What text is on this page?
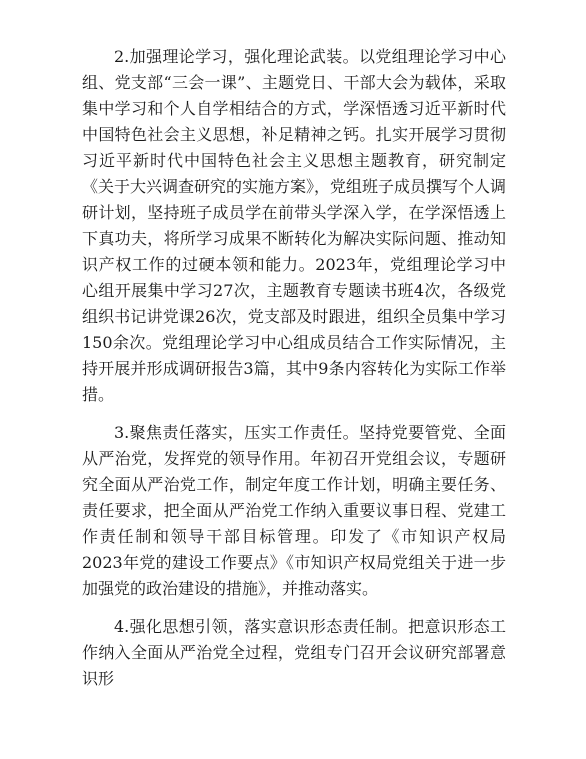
2.加强理论学习，强化理论武装。以党组理论学习中心组、党支部“三会一课”、主题党日、干部大会为载体，采取集中学习和个人自学相结合的方式，学深悟透习近平新时代中国特色社会主义思想，补足精神之钙。扎实开展学习贯彻习近平新时代中国特色社会主义思想主题教育，研究制定《关于大兴调查研究的实施方案》，党组班子成员撰写个人调研计划，坚持班子成员学在前带头学深入学，在学深悟透上下真功夫，将所学习成果不断转化为解决实际问题、推动知识产权工作的过硬本领和能力。2023年，党组理论学习中心组开展集中学习27次，主题教育专题读书班4次，各级党组织书记讲党课26次，党支部及时跟进，组织全员集中学习150余次。党组理论学习中心组成员结合工作实际情况，主持开展并形成调研报告3篇，其中9条内容转化为实际工作举措。

3.聚焦责任落实，压实工作责任。坚持党要管党、全面从严治党，发挥党的领导作用。年初召开党组会议，专题研究全面从严治党工作，制定年度工作计划，明确主要任务、责任要求，把全面从严治党工作纳入重要议事日程、党建工作责任制和领导干部目标管理。印发了《市知识产权局2023年党的建设工作要点》《市知识产权局党组关于进一步加强党的政治建设的措施》，并推动落实。

4.强化思想引领，落实意识形态责任制。把意识形态工作纳入全面从严治党全过程，党组专门召开会议研究部署意识形
